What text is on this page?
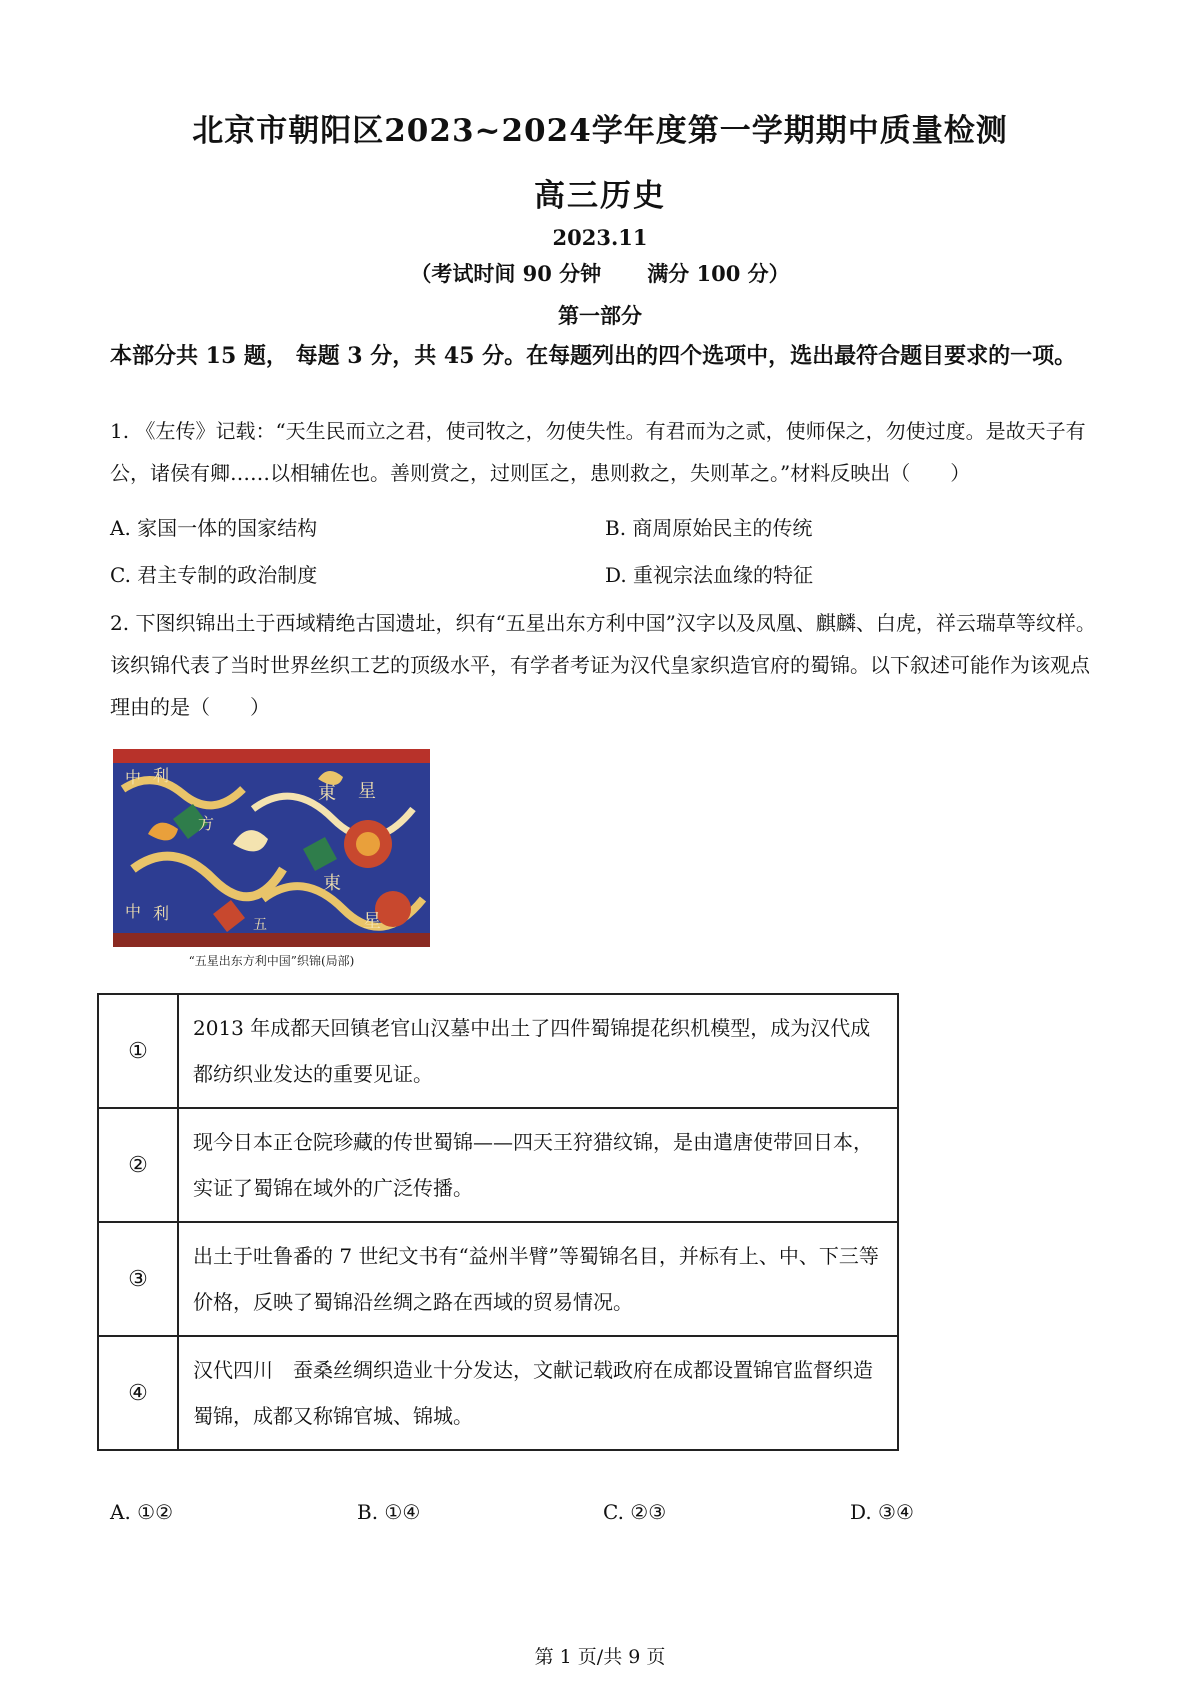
北京市朝阳区2023~2024学年度第一学期期中质量检测
高三历史
2023.11
（考试时间 90 分钟 满分 100 分）
第一部分
本部分共 15 题， 每题 3 分，共 45 分。在每题列出的四个选项中，选出最符合题目要求的一项。
1. 《左传》记载：“天生民而立之君，使司牧之，勿使失性。有君而为之贰，使师保之，勿使过度。是故天子有公，诸侯有卿……以相辅佐也。善则赏之，过则匡之，患则救之，失则革之。”材料反映出（　　）
A. 家国一体的国家结构	B. 商周原始民主的传统
C. 君主专制的政治制度	D. 重视宗法血缘的特征
2. 下图织锦出土于西域精绝古国遗址，织有“五星出东方利中国”汉字以及凤凰、麒麟、白虎，祥云瑞草等纹样。该织锦代表了当时世界丝织工艺的顶级水平，有学者考证为汉代皇家织造官府的蜀锦。以下叙述可能作为该观点理由的是（　　）
中 利
東 星
方
中 利
東
星
五
“五星出东方利中国”织锦(局部)
①	2013 年成都天回镇老官山汉墓中出土了四件蜀锦提花织机模型，成为汉代成都纺织业发达的重要见证。
②	现今日本正仓院珍藏的传世蜀锦——四天王狩猎纹锦，是由遣唐使带回日本，实证了蜀锦在域外的广泛传播。
③	出土于吐鲁番的 7 世纪文书有“益州半臂”等蜀锦名目，并标有上、中、下三等价格，反映了蜀锦沿丝绸之路在西域的贸易情况。
④	汉代四川　蚕桑丝绸织造业十分发达，文献记载政府在成都设置锦官监督织造蜀锦，成都又称锦官城、锦城。
A. ①②	B. ①④	C. ②③	D. ③④
第 1 页/共 9 页
